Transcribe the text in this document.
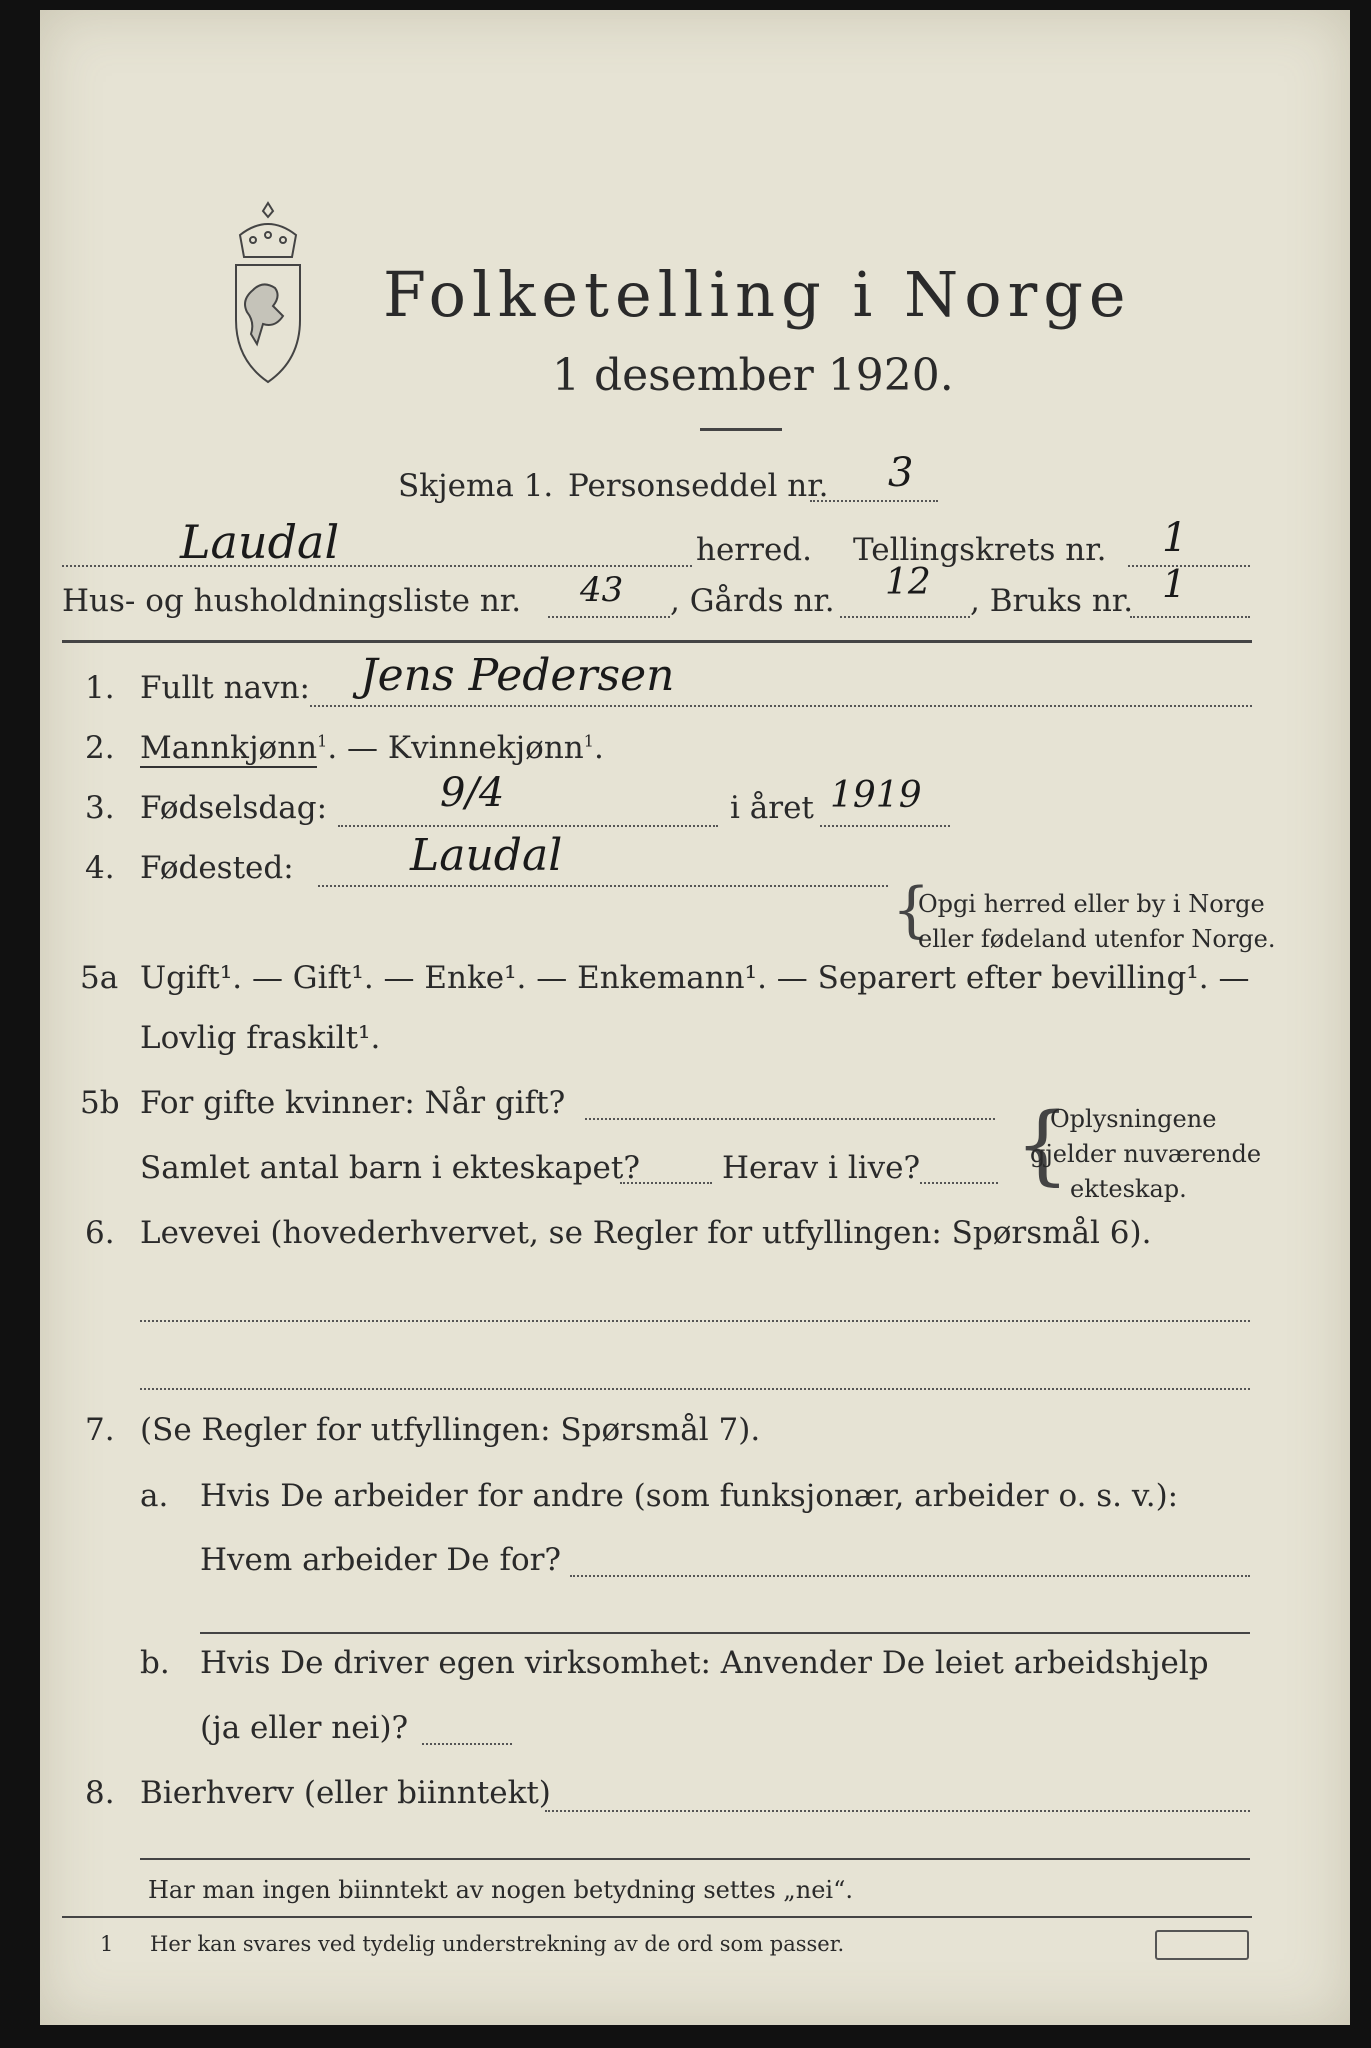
Folketelling i Norge
1 desember 1920.
Skjema 1. Personseddel nr. 3
Laudal	herred. Tellingskrets nr. 1
Hus- og husholdningsliste nr. 43 , Gårds nr. 12 , Bruks nr. 1
1. Fullt navn: Jens Pedersen
2. Mannkjønn$^1$. — Kvinnekjønn$^1$.
3. Fødselsdag:	9/4	i året 1919
4. Fødested:	Laudal
{
Opgi herred eller by i Norge
eller fødeland utenfor Norge.
5a Ugift¹. — Gift¹. — Enke¹. — Enkemann¹. — Separert efter bevilling¹. —
Lovlig fraskilt¹.
5b For gifte kvinner: Når gift?
Samlet antal barn i ekteskapet?	Herav i live? {
Oplysningene
gjelder nuværende
ekteskap.
6. Levevei (hovederhvervet, se Regler for utfyllingen: Spørsmål 6).
7. (Se Regler for utfyllingen: Spørsmål 7).
a. Hvis De arbeider for andre (som funksjonær, arbeider o. s. v.):
Hvem arbeider De for?
b. Hvis De driver egen virksomhet: Anvender De leiet arbeidshjelp
(ja eller nei)?
8. Bierhverv (eller biinntekt)
Har man ingen biinntekt av nogen betydning settes „nei“.
1 Her kan svares ved tydelig understrekning av de ord som passer.
